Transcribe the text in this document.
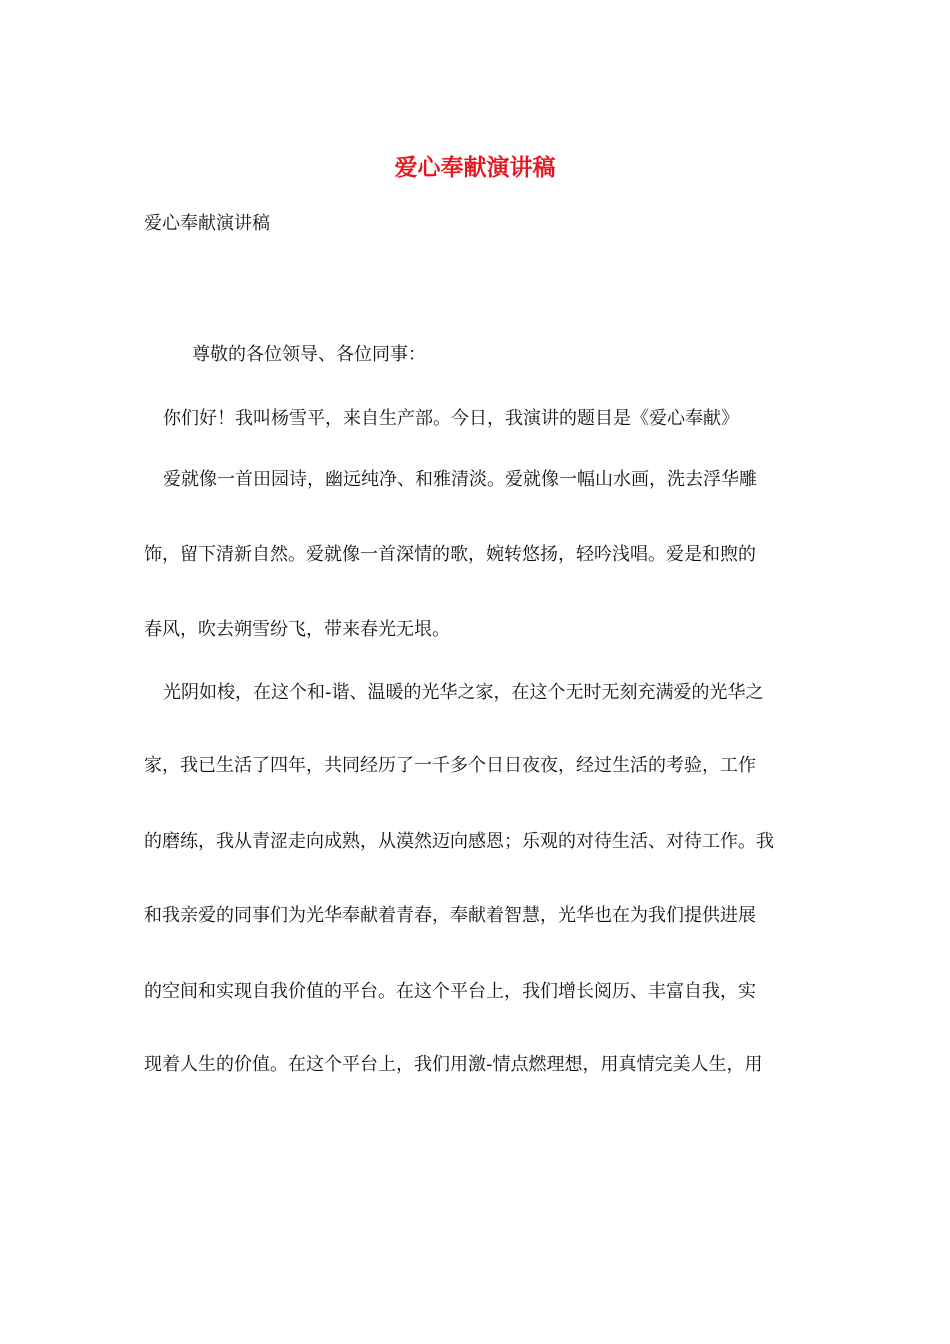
爱心奉献演讲稿
爱心奉献演讲稿
尊敬的各位领导、各位同事：
你们好！我叫杨雪平，来自生产部。今日，我演讲的题目是《爱心奉献》
爱就像一首田园诗，幽远纯净、和雅清淡。爱就像一幅山水画，洗去浮华雕
饰，留下清新自然。爱就像一首深情的歌，婉转悠扬，轻吟浅唱。爱是和煦的
春风，吹去朔雪纷飞，带来春光无垠。
光阴如梭，在这个和-谐、温暖的光华之家，在这个无时无刻充满爱的光华之
家，我已生活了四年，共同经历了一千多个日日夜夜，经过生活的考验，工作
的磨练，我从青涩走向成熟，从漠然迈向感恩；乐观的对待生活、对待工作。我
和我亲爱的同事们为光华奉献着青春，奉献着智慧，光华也在为我们提供进展
的空间和实现自我价值的平台。在这个平台上，我们增长阅历、丰富自我，实
现着人生的价值。在这个平台上，我们用激-情点燃理想，用真情完美人生，用
